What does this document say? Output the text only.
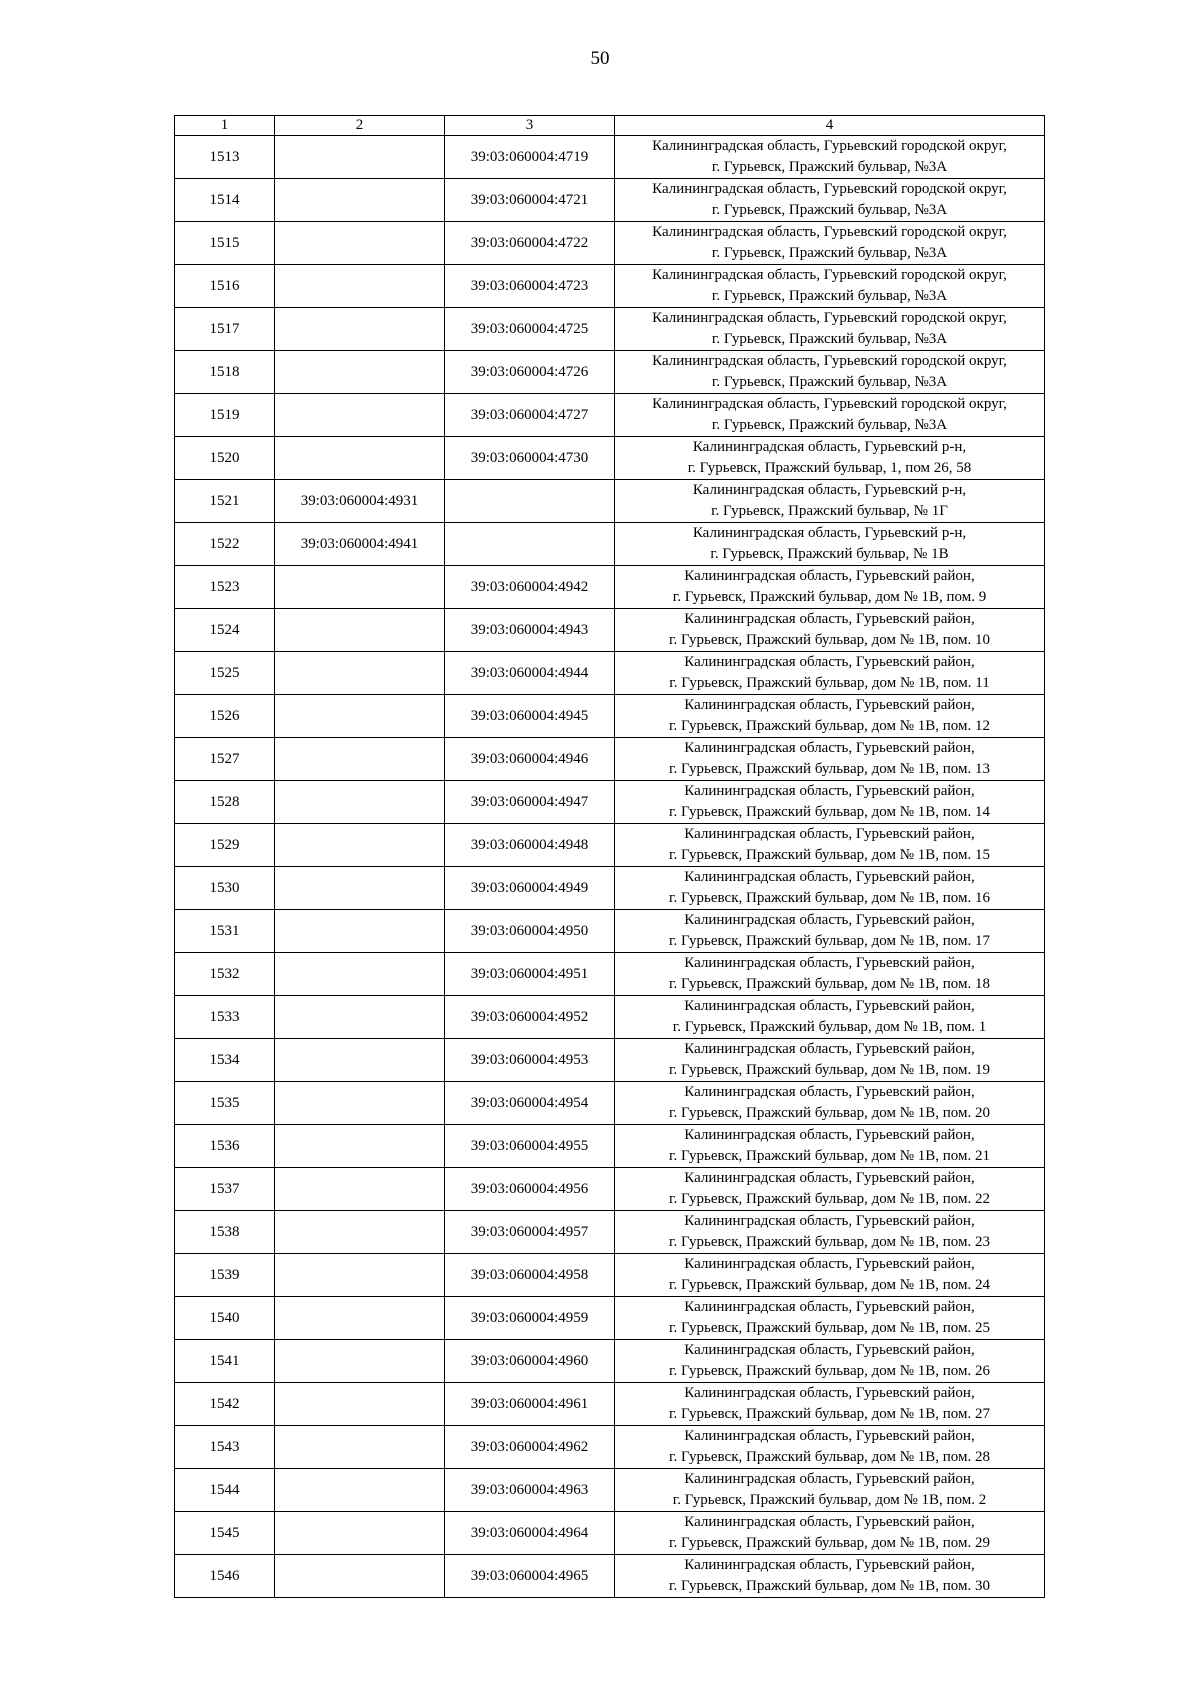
50
1	2	3	4
1513		39:03:060004:4719	Калининградская область, Гурьевский городской округ,
г. Гурьевск, Пражский бульвар, №3А

1514		39:03:060004:4721	Калининградская область, Гурьевский городской округ,
г. Гурьевск, Пражский бульвар, №3А

1515		39:03:060004:4722	Калининградская область, Гурьевский городской округ,
г. Гурьевск, Пражский бульвар, №3А

1516		39:03:060004:4723	Калининградская область, Гурьевский городской округ,
г. Гурьевск, Пражский бульвар, №3А

1517		39:03:060004:4725	Калининградская область, Гурьевский городской округ,
г. Гурьевск, Пражский бульвар, №3А

1518		39:03:060004:4726	Калининградская область, Гурьевский городской округ,
г. Гурьевск, Пражский бульвар, №3А

1519		39:03:060004:4727	Калининградская область, Гурьевский городской округ,
г. Гурьевск, Пражский бульвар, №3А

1520		39:03:060004:4730	Калининградская область, Гурьевский р-н,
г. Гурьевск, Пражский бульвар, 1, пом 26, 58

1521	39:03:060004:4931		Калининградская область, Гурьевский р-н,
г. Гурьевск, Пражский бульвар, № 1Г

1522	39:03:060004:4941		Калининградская область, Гурьевский р-н,
г. Гурьевск, Пражский бульвар, № 1В

1523		39:03:060004:4942	Калининградская область, Гурьевский район,
г. Гурьевск, Пражский бульвар, дом № 1В, пом. 9

1524		39:03:060004:4943	Калининградская область, Гурьевский район,
г. Гурьевск, Пражский бульвар, дом № 1В, пом. 10

1525		39:03:060004:4944	Калининградская область, Гурьевский район,
г. Гурьевск, Пражский бульвар, дом № 1В, пом. 11

1526		39:03:060004:4945	Калининградская область, Гурьевский район,
г. Гурьевск, Пражский бульвар, дом № 1В, пом. 12

1527		39:03:060004:4946	Калининградская область, Гурьевский район,
г. Гурьевск, Пражский бульвар, дом № 1В, пом. 13

1528		39:03:060004:4947	Калининградская область, Гурьевский район,
г. Гурьевск, Пражский бульвар, дом № 1В, пом. 14

1529		39:03:060004:4948	Калининградская область, Гурьевский район,
г. Гурьевск, Пражский бульвар, дом № 1В, пом. 15

1530		39:03:060004:4949	Калининградская область, Гурьевский район,
г. Гурьевск, Пражский бульвар, дом № 1В, пом. 16

1531		39:03:060004:4950	Калининградская область, Гурьевский район,
г. Гурьевск, Пражский бульвар, дом № 1В, пом. 17

1532		39:03:060004:4951	Калининградская область, Гурьевский район,
г. Гурьевск, Пражский бульвар, дом № 1В, пом. 18

1533		39:03:060004:4952	Калининградская область, Гурьевский район,
г. Гурьевск, Пражский бульвар, дом № 1В, пом. 1

1534		39:03:060004:4953	Калининградская область, Гурьевский район,
г. Гурьевск, Пражский бульвар, дом № 1В, пом. 19

1535		39:03:060004:4954	Калининградская область, Гурьевский район,
г. Гурьевск, Пражский бульвар, дом № 1В, пом. 20

1536		39:03:060004:4955	Калининградская область, Гурьевский район,
г. Гурьевск, Пражский бульвар, дом № 1В, пом. 21

1537		39:03:060004:4956	Калининградская область, Гурьевский район,
г. Гурьевск, Пражский бульвар, дом № 1В, пом. 22

1538		39:03:060004:4957	Калининградская область, Гурьевский район,
г. Гурьевск, Пражский бульвар, дом № 1В, пом. 23

1539		39:03:060004:4958	Калининградская область, Гурьевский район,
г. Гурьевск, Пражский бульвар, дом № 1В, пом. 24

1540		39:03:060004:4959	Калининградская область, Гурьевский район,
г. Гурьевск, Пражский бульвар, дом № 1В, пом. 25

1541		39:03:060004:4960	Калининградская область, Гурьевский район,
г. Гурьевск, Пражский бульвар, дом № 1В, пом. 26

1542		39:03:060004:4961	Калининградская область, Гурьевский район,
г. Гурьевск, Пражский бульвар, дом № 1В, пом. 27

1543		39:03:060004:4962	Калининградская область, Гурьевский район,
г. Гурьевск, Пражский бульвар, дом № 1В, пом. 28

1544		39:03:060004:4963	Калининградская область, Гурьевский район,
г. Гурьевск, Пражский бульвар, дом № 1В, пом. 2

1545		39:03:060004:4964	Калининградская область, Гурьевский район,
г. Гурьевск, Пражский бульвар, дом № 1В, пом. 29

1546		39:03:060004:4965	Калининградская область, Гурьевский район,
г. Гурьевск, Пражский бульвар, дом № 1В, пом. 30
